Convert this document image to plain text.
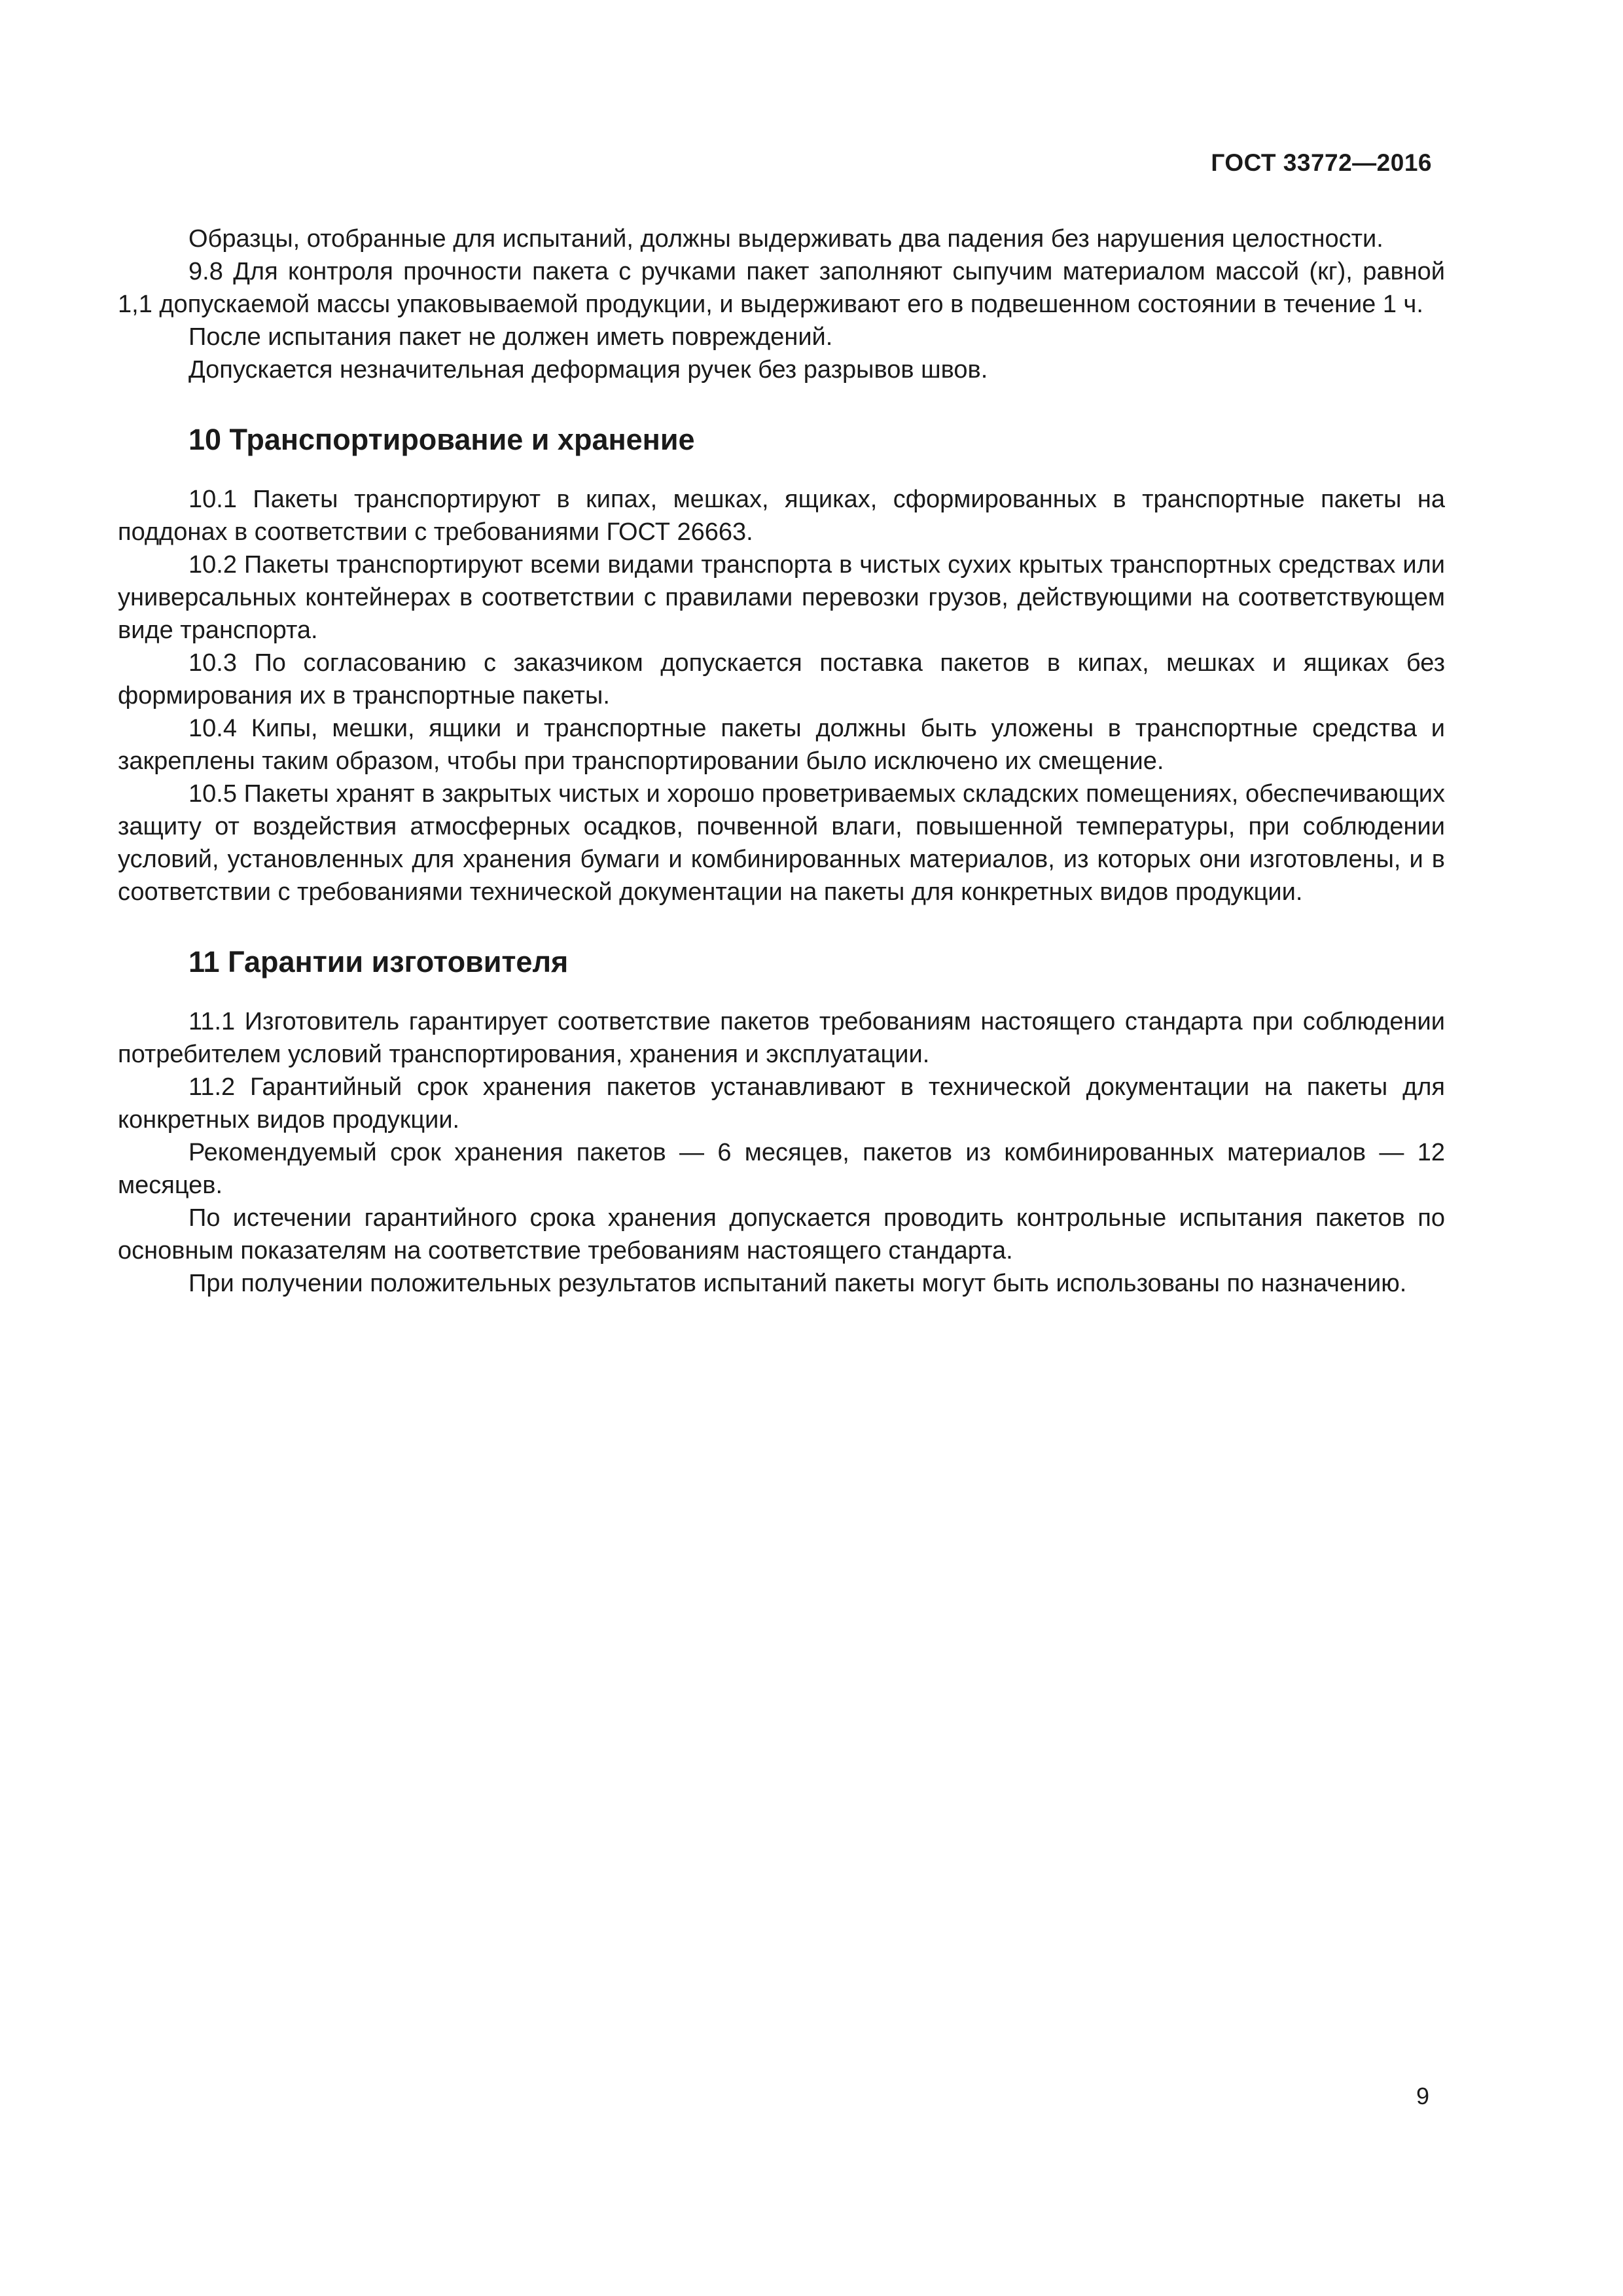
ГОСТ 33772—2016

Образцы, отобранные для испытаний, должны выдерживать два падения без нарушения целостности.

9.8 Для контроля прочности пакета с ручками пакет заполняют сыпучим материалом массой (кг), равной 1,1 допускаемой массы упаковываемой продукции, и выдерживают его в подвешенном состоянии в течение 1 ч.

После испытания пакет не должен иметь повреждений.

Допускается незначительная деформация ручек без разрывов швов.

10 Транспортирование и хранение

10.1 Пакеты транспортируют в кипах, мешках, ящиках, сформированных в транспортные пакеты на поддонах в соответствии с требованиями ГОСТ 26663.

10.2 Пакеты транспортируют всеми видами транспорта в чистых сухих крытых транспортных средствах или универсальных контейнерах в соответствии с правилами перевозки грузов, действующими на соответствующем виде транспорта.

10.3 По согласованию с заказчиком допускается поставка пакетов в кипах, мешках и ящиках без формирования их в транспортные пакеты.

10.4 Кипы, мешки, ящики и транспортные пакеты должны быть уложены в транспортные средства и закреплены таким образом, чтобы при транспортировании было исключено их смещение.

10.5 Пакеты хранят в закрытых чистых и хорошо проветриваемых складских помещениях, обеспечивающих защиту от воздействия атмосферных осадков, почвенной влаги, повышенной температуры, при соблюдении условий, установленных для хранения бумаги и комбинированных материалов, из которых они изготовлены, и в соответствии с требованиями технической документации на пакеты для конкретных видов продукции.

11 Гарантии изготовителя

11.1 Изготовитель гарантирует соответствие пакетов требованиям настоящего стандарта при соблюдении потребителем условий транспортирования, хранения и эксплуатации.

11.2 Гарантийный срок хранения пакетов устанавливают в технической документации на пакеты для конкретных видов продукции.

Рекомендуемый срок хранения пакетов — 6 месяцев, пакетов из комбинированных материалов — 12 месяцев.

По истечении гарантийного срока хранения допускается проводить контрольные испытания пакетов по основным показателям на соответствие требованиям настоящего стандарта.

При получении положительных результатов испытаний пакеты могут быть использованы по назначению.

9
